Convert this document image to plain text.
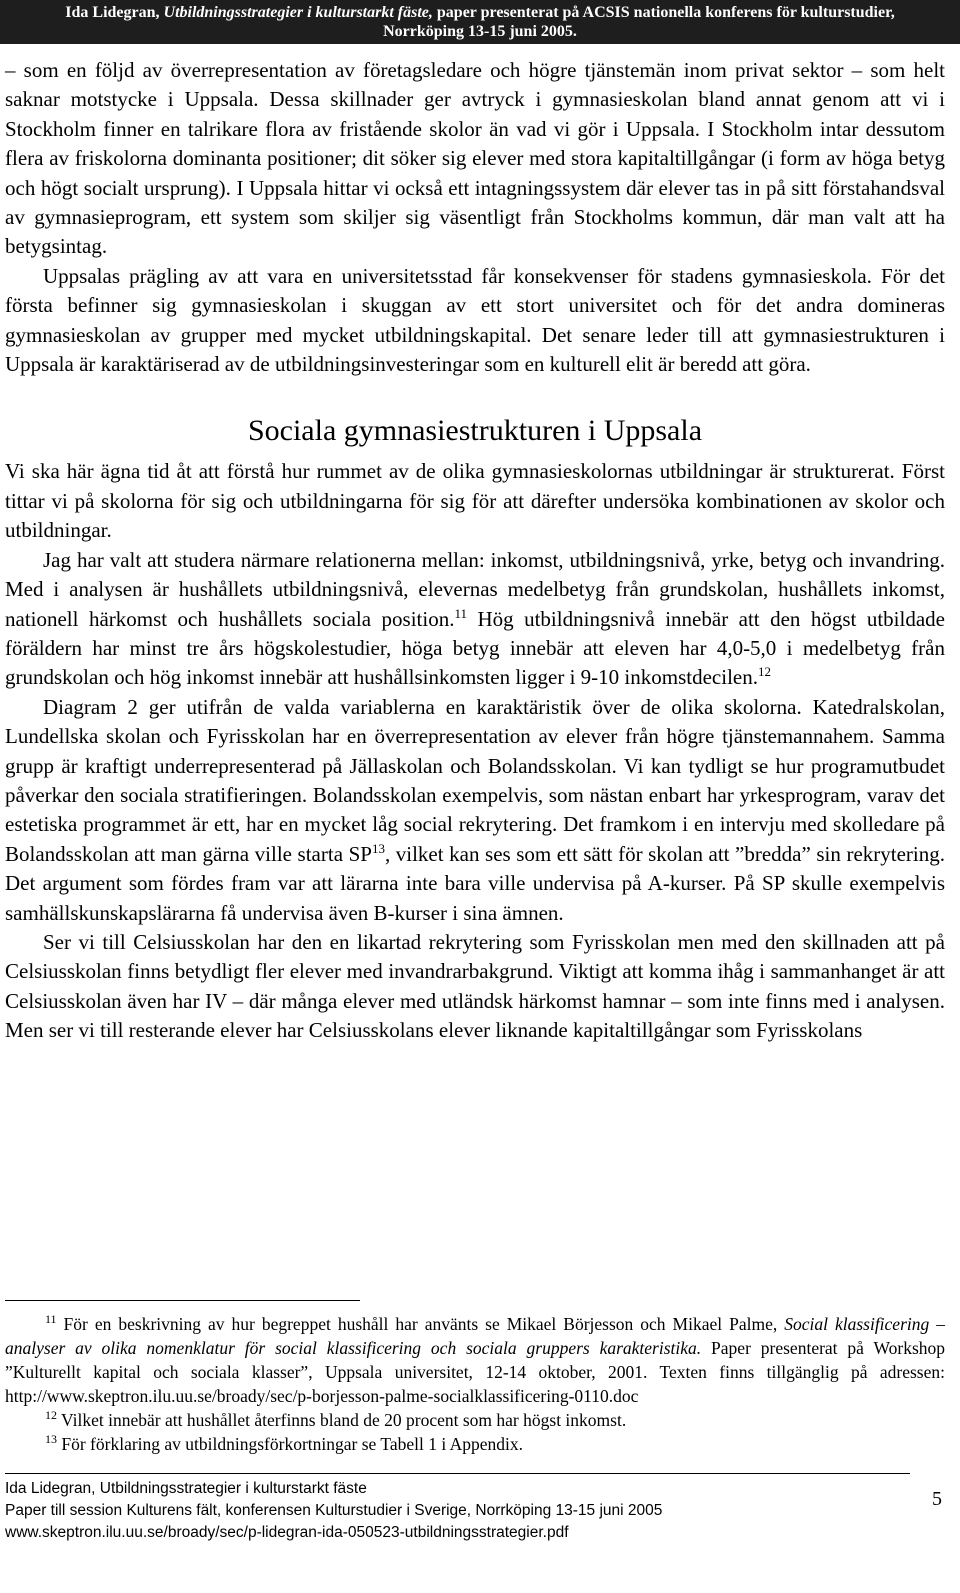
Ida Lidegran, Utbildningsstrategier i kulturstarkt fäste, paper presenterat på ACSIS nationella konferens för kulturstudier,
Norrköping 13-15 juni 2005.

– som en följd av överrepresentation av företagsledare och högre tjänstemän inom privat sektor – som helt saknar motstycke i Uppsala. Dessa skillnader ger avtryck i gymnasieskolan bland annat genom att vi i Stockholm finner en talrikare flora av fristående skolor än vad vi gör i Uppsala. I Stockholm intar dessutom flera av friskolorna dominanta positioner; dit söker sig elever med stora kapitaltillgångar (i form av höga betyg och högt socialt ursprung). I Uppsala hittar vi också ett intagningssystem där elever tas in på sitt förstahandsval av gymnasieprogram, ett system som skiljer sig väsentligt från Stockholms kommun, där man valt att ha betygsintag.

Uppsalas prägling av att vara en universitetsstad får konsekvenser för stadens gymnasieskola. För det första befinner sig gymnasieskolan i skuggan av ett stort universitet och för det andra domineras gymnasieskolan av grupper med mycket utbildningskapital. Det senare leder till att gymnasiestrukturen i Uppsala är karaktäriserad av de utbildningsinvesteringar som en kulturell elit är beredd att göra.

Sociala gymnasiestrukturen i Uppsala

Vi ska här ägna tid åt att förstå hur rummet av de olika gymnasieskolornas utbildningar är strukturerat. Först tittar vi på skolorna för sig och utbildningarna för sig för att därefter undersöka kombinationen av skolor och utbildningar.

Jag har valt att studera närmare relationerna mellan: inkomst, utbildningsnivå, yrke, betyg och invandring. Med i analysen är hushållets utbildningsnivå, elevernas medelbetyg från grundskolan, hushållets inkomst, nationell härkomst och hushållets sociala position.$^{11}$ Hög utbildningsnivå innebär att den högst utbildade föräldern har minst tre års högskolestudier, höga betyg innebär att eleven har 4,0-5,0 i medelbetyg från grundskolan och hög inkomst innebär att hushållsinkomsten ligger i 9-10 inkomstdecilen.$^{12}$

Diagram 2 ger utifrån de valda variablerna en karaktäristik över de olika skolorna. Katedralskolan, Lundellska skolan och Fyrisskolan har en överrepresentation av elever från högre tjänstemannahem. Samma grupp är kraftigt underrepresenterad på Jällaskolan och Bolandsskolan. Vi kan tydligt se hur programutbudet påverkar den sociala stratifieringen. Bolandsskolan exempelvis, som nästan enbart har yrkesprogram, varav det estetiska programmet är ett, har en mycket låg social rekrytering. Det framkom i en intervju med skolledare på Bolandsskolan att man gärna ville starta SP$^{13}$, vilket kan ses som ett sätt för skolan att ”bredda” sin rekrytering. Det argument som fördes fram var att lärarna inte bara ville undervisa på A-kurser. På SP skulle exempelvis samhällskunskapslärarna få undervisa även B-kurser i sina ämnen.

Ser vi till Celsiusskolan har den en likartad rekrytering som Fyrisskolan men med den skillnaden att på Celsiusskolan finns betydligt fler elever med invandrarbakgrund. Viktigt att komma ihåg i sammanhanget är att Celsiusskolan även har IV – där många elever med utländsk härkomst hamnar – som inte finns med i analysen. Men ser vi till resterande elever har Celsiusskolans elever liknande kapitaltillgångar som Fyrisskolans

$^{11}$ För en beskrivning av hur begreppet hushåll har använts se Mikael Börjesson och Mikael Palme, Social klassificering – analyser av olika nomenklatur för social klassificering och sociala gruppers karakteristika. Paper presenterat på Workshop ”Kulturellt kapital och sociala klasser”, Uppsala universitet, 12-14 oktober, 2001. Texten finns tillgänglig på adressen: http://www.skeptron.ilu.uu.se/broady/sec/p-borjesson-palme-socialklassificering-0110.doc

$^{12}$ Vilket innebär att hushållet återfinns bland de 20 procent som har högst inkomst.

$^{13}$ För förklaring av utbildningsförkortningar se Tabell 1 i Appendix.

Ida Lidegran, Utbildningsstrategier i kulturstarkt fäste
Paper till session Kulturens fält, konferensen Kulturstudier i Sverige, Norrköping 13-15 juni 2005
www.skeptron.ilu.uu.se/broady/sec/p-lidegran-ida-050523-utbildningsstrategier.pdf
5
